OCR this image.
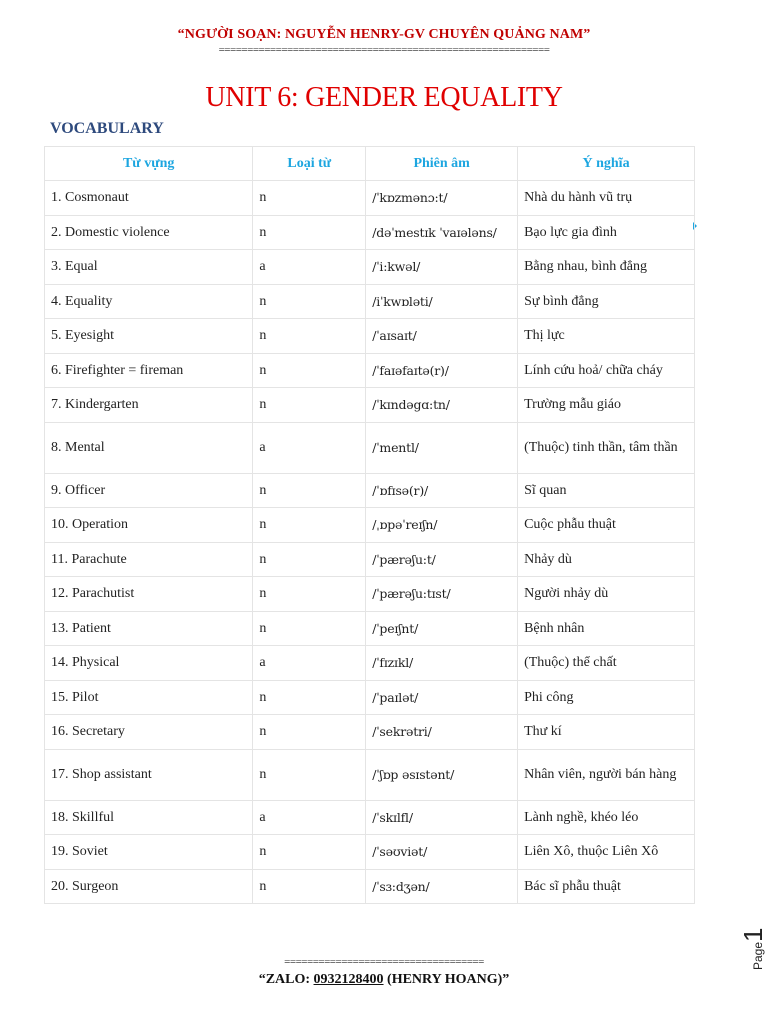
“NGƯỜI SOẠN: NGUYỄN HENRY-GV CHUYÊN QUẢNG NAM”
==========================================================
UNIT 6: GENDER EQUALITY
VOCABULARY
Từ vựng	Loại từ	Phiên âm	Ý nghĩa
1. Cosmonaut	n	/ˈkɒzmənɔ:t/	Nhà du hành vũ trụ
2. Domestic violence	n	/dəˈmestɪk ˈvaɪələns/	Bạo lực gia đình
3. Equal	a	/ˈi:kwəl/	Bằng nhau, bình đẳng
4. Equality	n	/iˈkwɒləti/	Sự bình đẳng
5. Eyesight	n	/ˈaɪsaɪt/	Thị lực
6. Firefighter = fireman	n	/ˈfaɪəfaɪtə(r)/	Lính cứu hoả/ chữa cháy
7. Kindergarten	n	/ˈkɪndəgɑ:tn/	Trường mẫu giáo
8. Mental	a	/ˈmentl/	(Thuộc) tinh thần, tâm thần
9. Officer	n	/ˈɒfɪsə(r)/	Sĩ quan
10. Operation	n	/ˌɒpəˈreɪʃn/	Cuộc phẫu thuật
11. Parachute	n	/ˈpærəʃu:t/	Nhảy dù
12. Parachutist	n	/ˈpærəʃu:tɪst/	Người nhảy dù
13. Patient	n	/ˈpeɪʃnt/	Bệnh nhân
14. Physical	a	/ˈfɪzɪkl/	(Thuộc) thể chất
15. Pilot	n	/ˈpaɪlət/	Phi công
16. Secretary	n	/ˈsekrətri/	Thư kí
17. Shop assistant	n	/ˈʃɒp əsɪstənt/	Nhân viên, người bán hàng
18. Skillful	a	/ˈskɪlfl/	Lành nghề, khéo léo
19. Soviet	n	/ˈsəʊviət/	Liên Xô, thuộc Liên Xô
20. Surgeon	n	/ˈsɜ:dʒən/	Bác sĩ phẫu thuật
===================================
“ZALO: 0932128400 (HENRY HOANG)”
Page1
